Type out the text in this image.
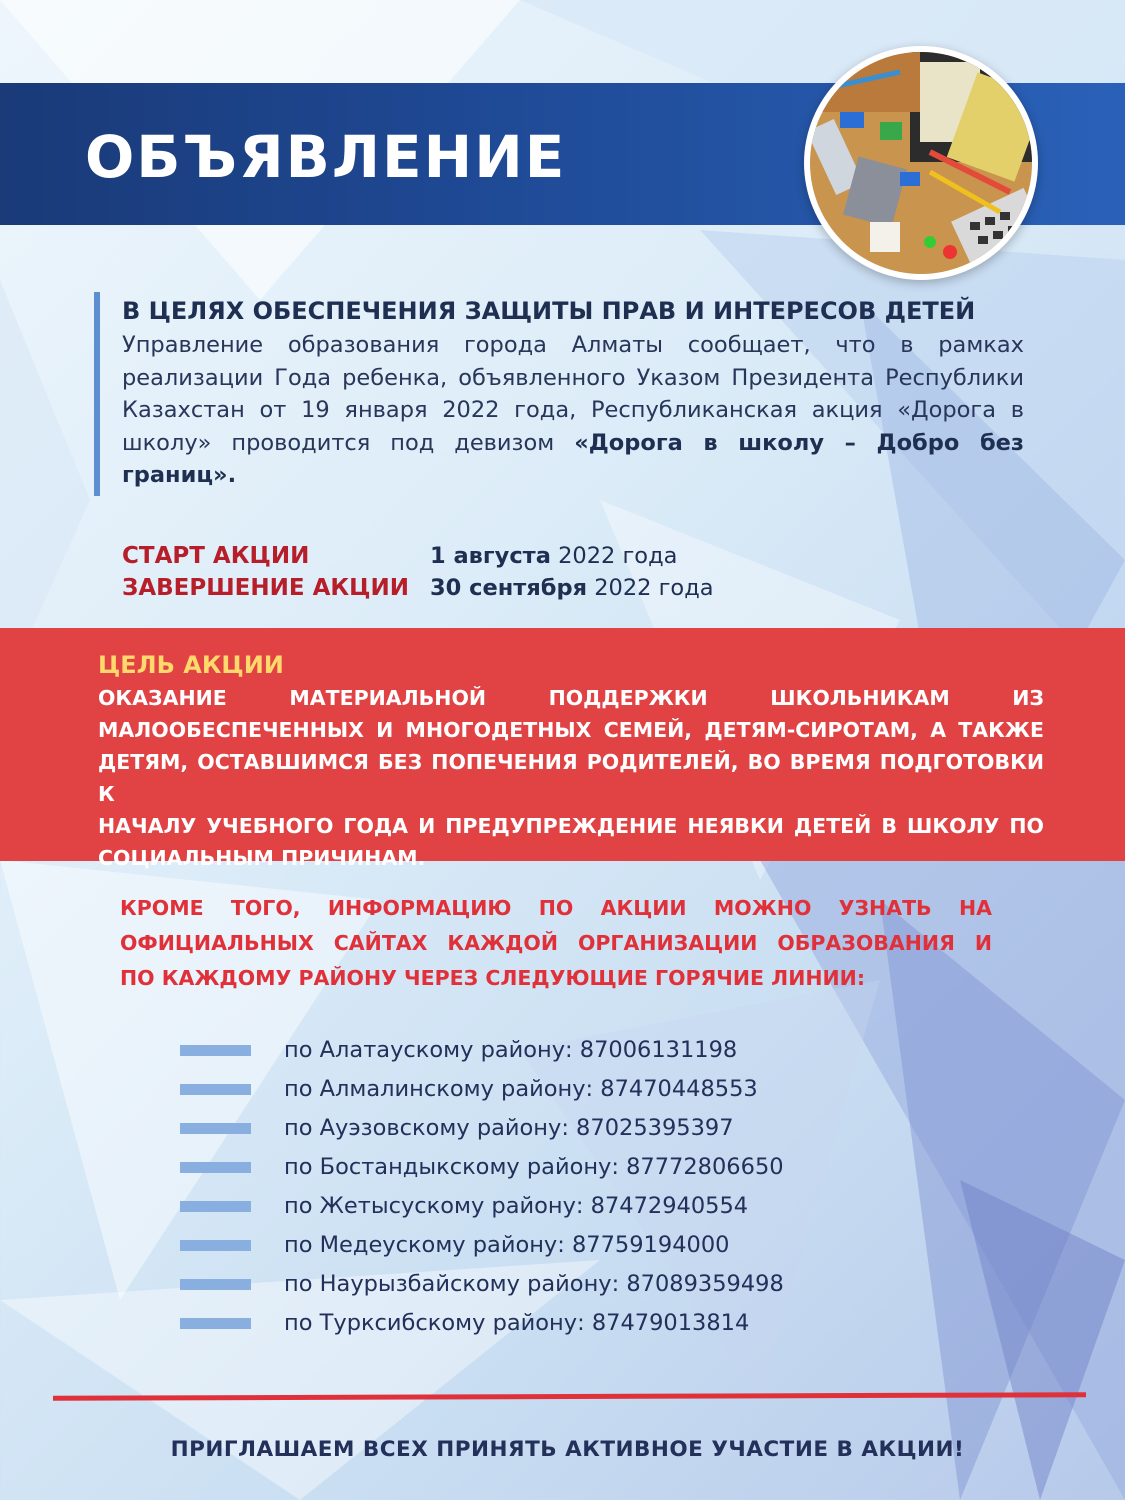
ОБЪЯВЛЕНИЕ
В ЦЕЛЯХ ОБЕСПЕЧЕНИЯ ЗАЩИТЫ ПРАВ И ИНТЕРЕСОВ ДЕТЕЙ
Управление образования города Алматы сообщает, что в рамках реализации Года ребенка, объявленного Указом Президента Республики Казахстан от 19 января 2022 года, Республиканская акция «Дорога в школу» проводится под девизом «Дорога в школу – Добро без границ».
СТАРТ АКЦИИ	1 августа 2022 года
ЗАВЕРШЕНИЕ АКЦИИ 30 сентября 2022 года
ЦЕЛЬ АКЦИИ
ОКАЗАНИЕ МАТЕРИАЛЬНОЙ ПОДДЕРЖКИ ШКОЛЬНИКАМ ИЗ
МАЛООБЕСПЕЧЕННЫХ И МНОГОДЕТНЫХ СЕМЕЙ, ДЕТЯМ-СИРОТАМ, А ТАКЖЕ
ДЕТЯМ, ОСТАВШИМСЯ БЕЗ ПОПЕЧЕНИЯ РОДИТЕЛЕЙ, ВО ВРЕМЯ ПОДГОТОВКИ К
НАЧАЛУ УЧЕБНОГО ГОДА И ПРЕДУПРЕЖДЕНИЕ НЕЯВКИ ДЕТЕЙ В ШКОЛУ ПО
СОЦИАЛЬНЫМ ПРИЧИНАМ.
КРОМЕ ТОГО, ИНФОРМАЦИЮ ПО АКЦИИ МОЖНО УЗНАТЬ НА
ОФИЦИАЛЬНЫХ САЙТАХ КАЖДОЙ ОРГАНИЗАЦИИ ОБРАЗОВАНИЯ И
ПО КАЖДОМУ РАЙОНУ ЧЕРЕЗ СЛЕДУЮЩИЕ ГОРЯЧИЕ ЛИНИИ:
по Алатаускому району: 87006131198
по Алмалинскому району: 87470448553
по Ауэзовскому району: 87025395397
по Бостандыкскому району: 87772806650
по Жетысускому району: 87472940554
по Медеускому району: 87759194000
по Наурызбайскому району: 87089359498
по Турксибскому району: 87479013814
ПРИГЛАШАЕМ ВСЕХ ПРИНЯТЬ АКТИВНОЕ УЧАСТИЕ В АКЦИИ!
